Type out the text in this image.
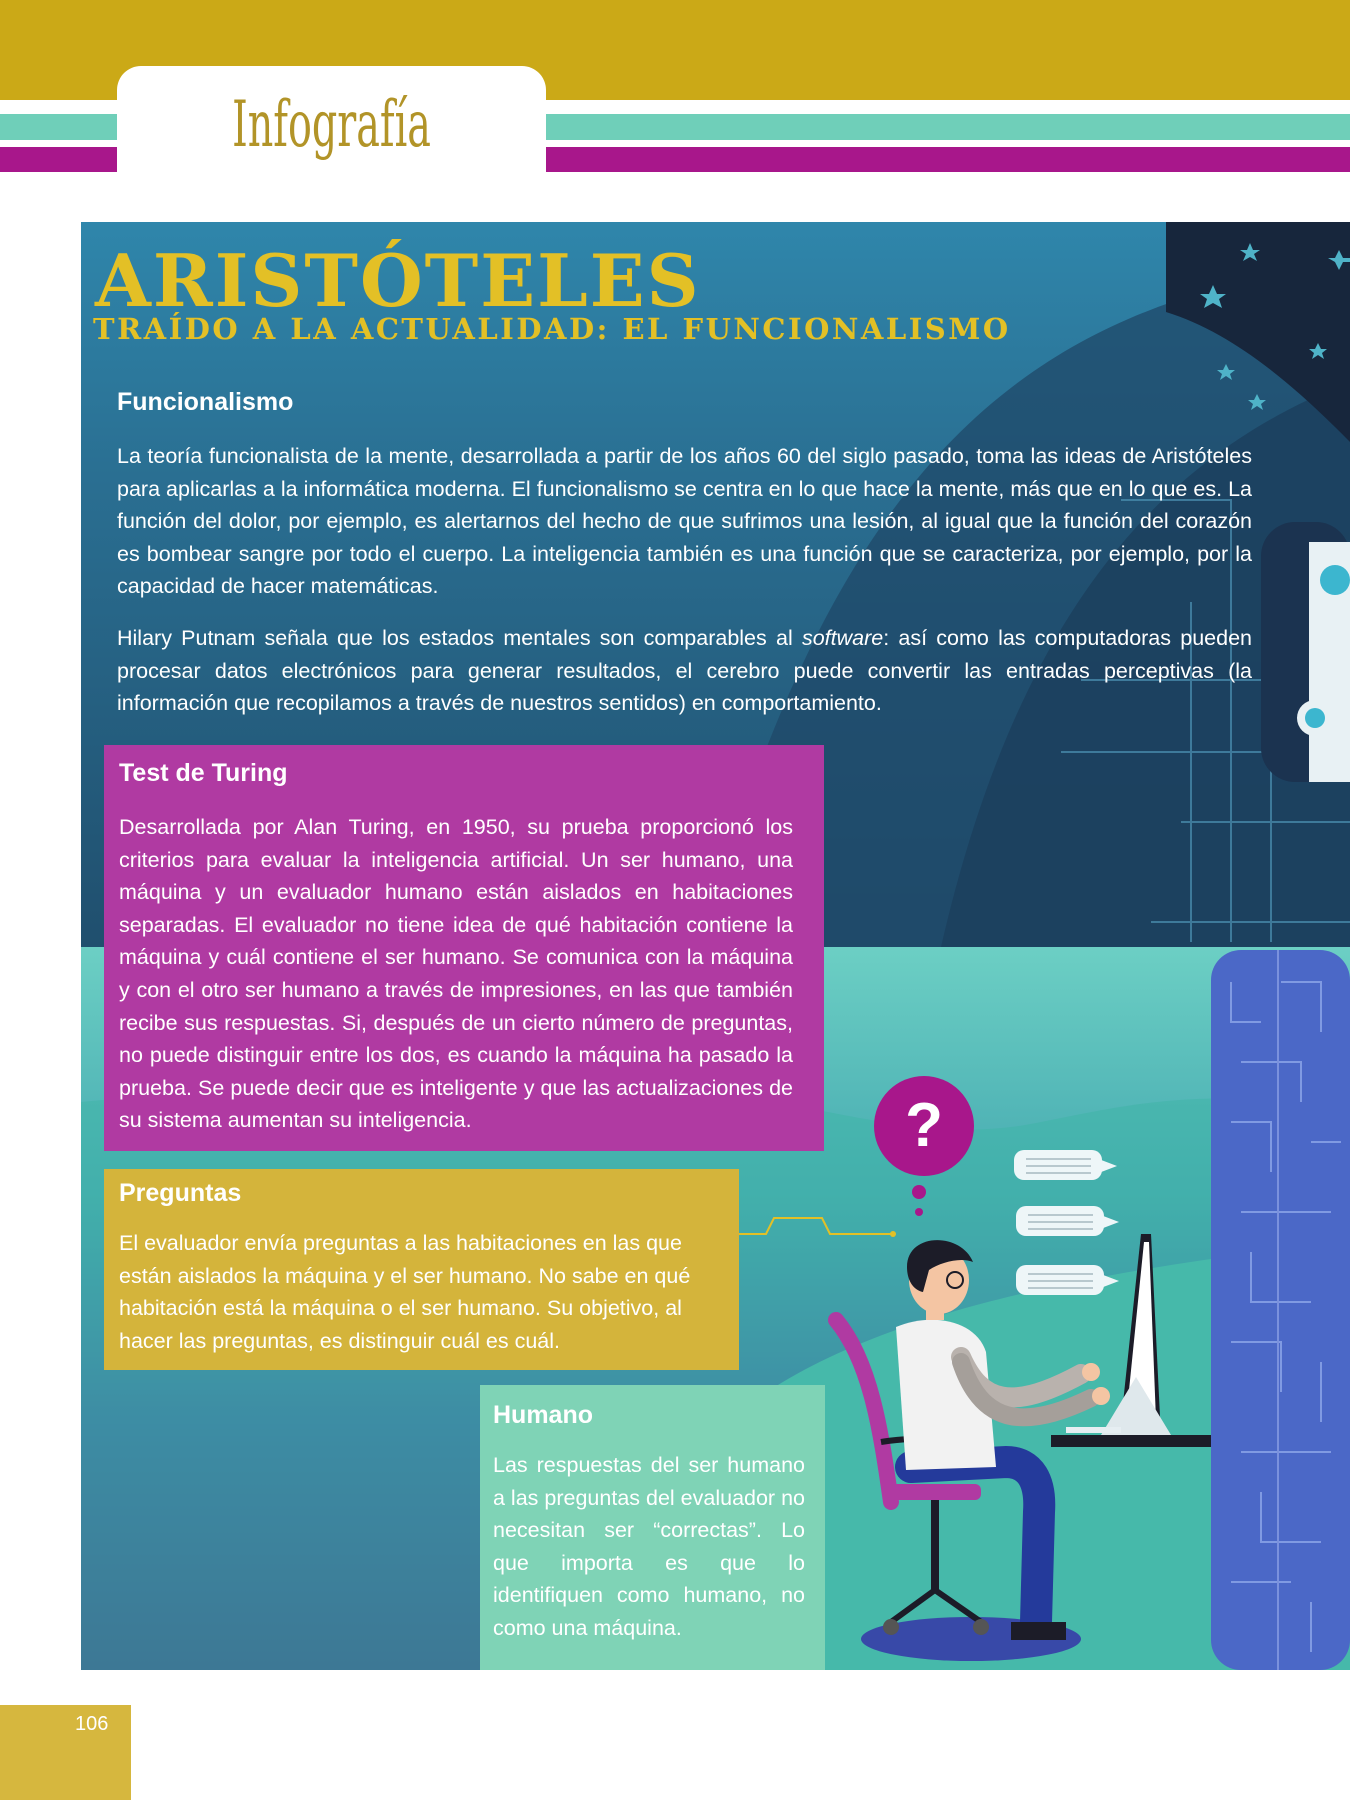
Infografía
?
ARISTÓTELES
TRAÍDO A LA ACTUALIDAD: EL FUNCIONALISMO
Funcionalismo

La teoría funcionalista de la mente, desarrollada a partir de los años 60 del siglo pasado, toma las ideas de Aristóteles para aplicarlas a la informática moderna. El funcionalismo se centra en lo que hace la mente, más que en lo que es. La función del dolor, por ejemplo, es alertarnos del hecho de que sufrimos una lesión, al igual que la función del corazón es bombear sangre por todo el cuerpo. La inteligencia también es una función que se caracteriza, por ejemplo, por la capacidad de hacer matemáticas.

Hilary Putnam señala que los estados mentales son comparables al software: así como las computadoras pueden procesar datos electrónicos para generar resultados, el cerebro puede convertir las entradas perceptivas (la información que recopilamos a través de nuestros sentidos) en comportamiento.

Test de Turing

Desarrollada por Alan Turing, en 1950, su prueba proporcionó los criterios para evaluar la inteligencia artificial. Un ser humano, una máquina y un evaluador humano están aislados en habitaciones separadas. El evaluador no tiene idea de qué habitación contiene la máquina y cuál contiene el ser humano. Se comunica con la máquina y con el otro ser humano a través de impresiones, en las que también recibe sus respuestas. Si, después de un cierto número de preguntas, no puede distinguir entre los dos, es cuando la máquina ha pasado la prueba. Se puede decir que es inteligente y que las actualizaciones de su sistema aumentan su inteligencia.

Preguntas

El evaluador envía preguntas a las habitaciones en las que están aislados la máquina y el ser humano. No sabe en qué habitación está la máquina o el ser humano. Su objetivo, al hacer las preguntas, es distinguir cuál es cuál.

Humano

Las respuestas del ser humano a las preguntas del evaluador no necesitan ser “correctas”. Lo que importa es que lo identifiquen como humano, no como una máquina.

106
